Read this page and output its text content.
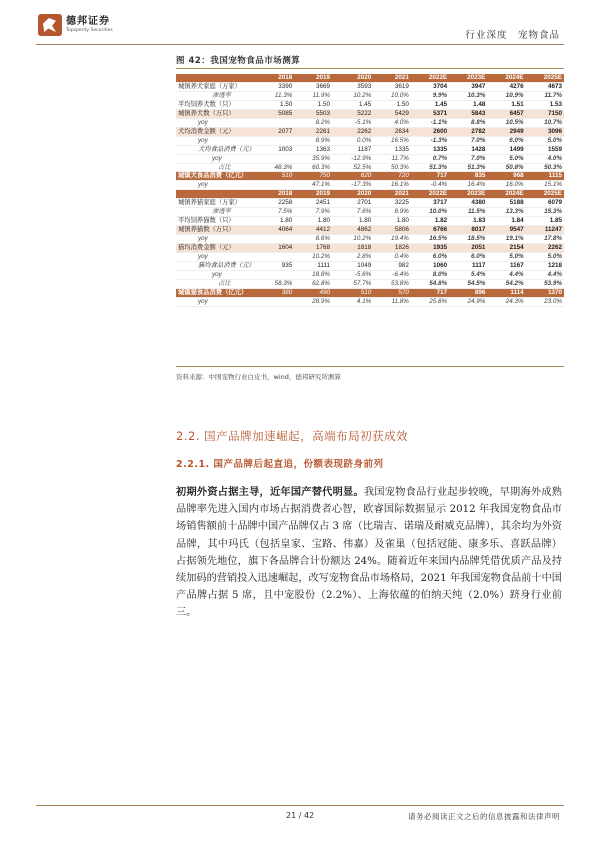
德邦证券
Topsperity Securities	行业深度　宠物食品
图 42：我国宠物食品市场测算
	2018	2019	2020	2021	2022E	2023E	2024E	2025E
城镇养犬家庭（万家）	3390	3669	3593	3619	3704	3947	4276	4673
渗透率	11.3%	11.9%	10.2%	10.0%	9.9%	10.3%	10.9%	11.7%
平均饲养犬数（只）	1.50	1.50	1.45	1.50	1.45	1.48	1.51	1.53
城镇养犬数（万只）	5085	5503	5222	5429	5371	5843	6457	7150
yoy		8.2%	-5.1%	4.0%	-1.1%	8.8%	10.5%	10.7%
犬均消费金额（元）	2077	2261	2262	2634	2600	2782	2949	3096
yoy		8.9%	0.0%	16.5%	-1.3%	7.0%	6.0%	5.0%
犬均食品消费（元）	1003	1363	1187	1335	1335	1428	1499	1559
yoy		35.9%	-12.9%	11.7%	0.7%	7.0%	5.0%	4.0%
占比	48.3%	60.3%	52.5%	50.3%	51.3%	51.3%	50.8%	50.3%
城镇犬食品消费（亿元）	510	750	620	720	717	835	968	1115
yoy		47.1%	-17.3%	16.1%	-0.4%	16.4%	16.0%	15.1%
	2018	2019	2020	2021	2022E	2023E	2024E	2025E
城镇养猫家庭（万家）	2258	2451	2701	3225	3717	4380	5188	6079
渗透率	7.5%	7.9%	7.6%	8.9%	10.0%	11.5%	13.3%	15.3%
平均饲养猫数（只）	1.80	1.80	1.80	1.80	1.82	1.83	1.84	1.85
城镇养猫数（万只）	4064	4412	4862	5806	6766	8017	9547	11247
yoy		8.6%	10.2%	19.4%	16.5%	18.5%	19.1%	17.8%
猫均消费金额（元）	1604	1768	1818	1826	1935	2051	2154	2262
yoy		10.2%	2.8%	0.4%	6.0%	6.0%	5.0%	5.0%
猫均食品消费（元）	935	1111	1049	982	1060	1117	1167	1218
yoy		18.8%	-5.6%	-6.4%	8.0%	5.4%	4.4%	4.4%
占比	58.3%	62.8%	57.7%	53.8%	54.8%	54.5%	54.2%	53.9%
城镇猫食品消费（亿元）	380	490	510	570	717	896	1114	1370
yoy		28.9%	4.1%	11.8%	25.8%	24.9%	24.3%	23.0%
资料来源：中国宠物行业白皮书，wind，德邦研究所测算
2.2. 国产品牌加速崛起，高端布局初获成效
2.2.1. 国产品牌后起直追，份额表现跻身前列
初期外资占据主导，近年国产替代明显。我国宠物食品行业起步较晚，早期海外成熟品牌率先进入国内市场占据消费者心智，欧睿国际数据显示 2012 年我国宠物食品市场销售额前十品牌中国产品牌仅占 3 席（比瑞吉、诺瑞及耐威克品牌），其余均为外资品牌，其中玛氏（包括皇家、宝路、伟嘉）及雀巢（包括冠能、康多乐、喜跃品牌）占据领先地位，旗下各品牌合计份额达 24%。随着近年来国内品牌凭借优质产品及持续加码的营销投入迅速崛起，改写宠物食品市场格局，2021 年我国宠物食品前十中国产品牌占据 5 席，且中宠股份（2.2%）、上海依蕴的伯纳天纯（2.0%）跻身行业前三。
21 / 42	请务必阅读正文之后的信息披露和法律声明
